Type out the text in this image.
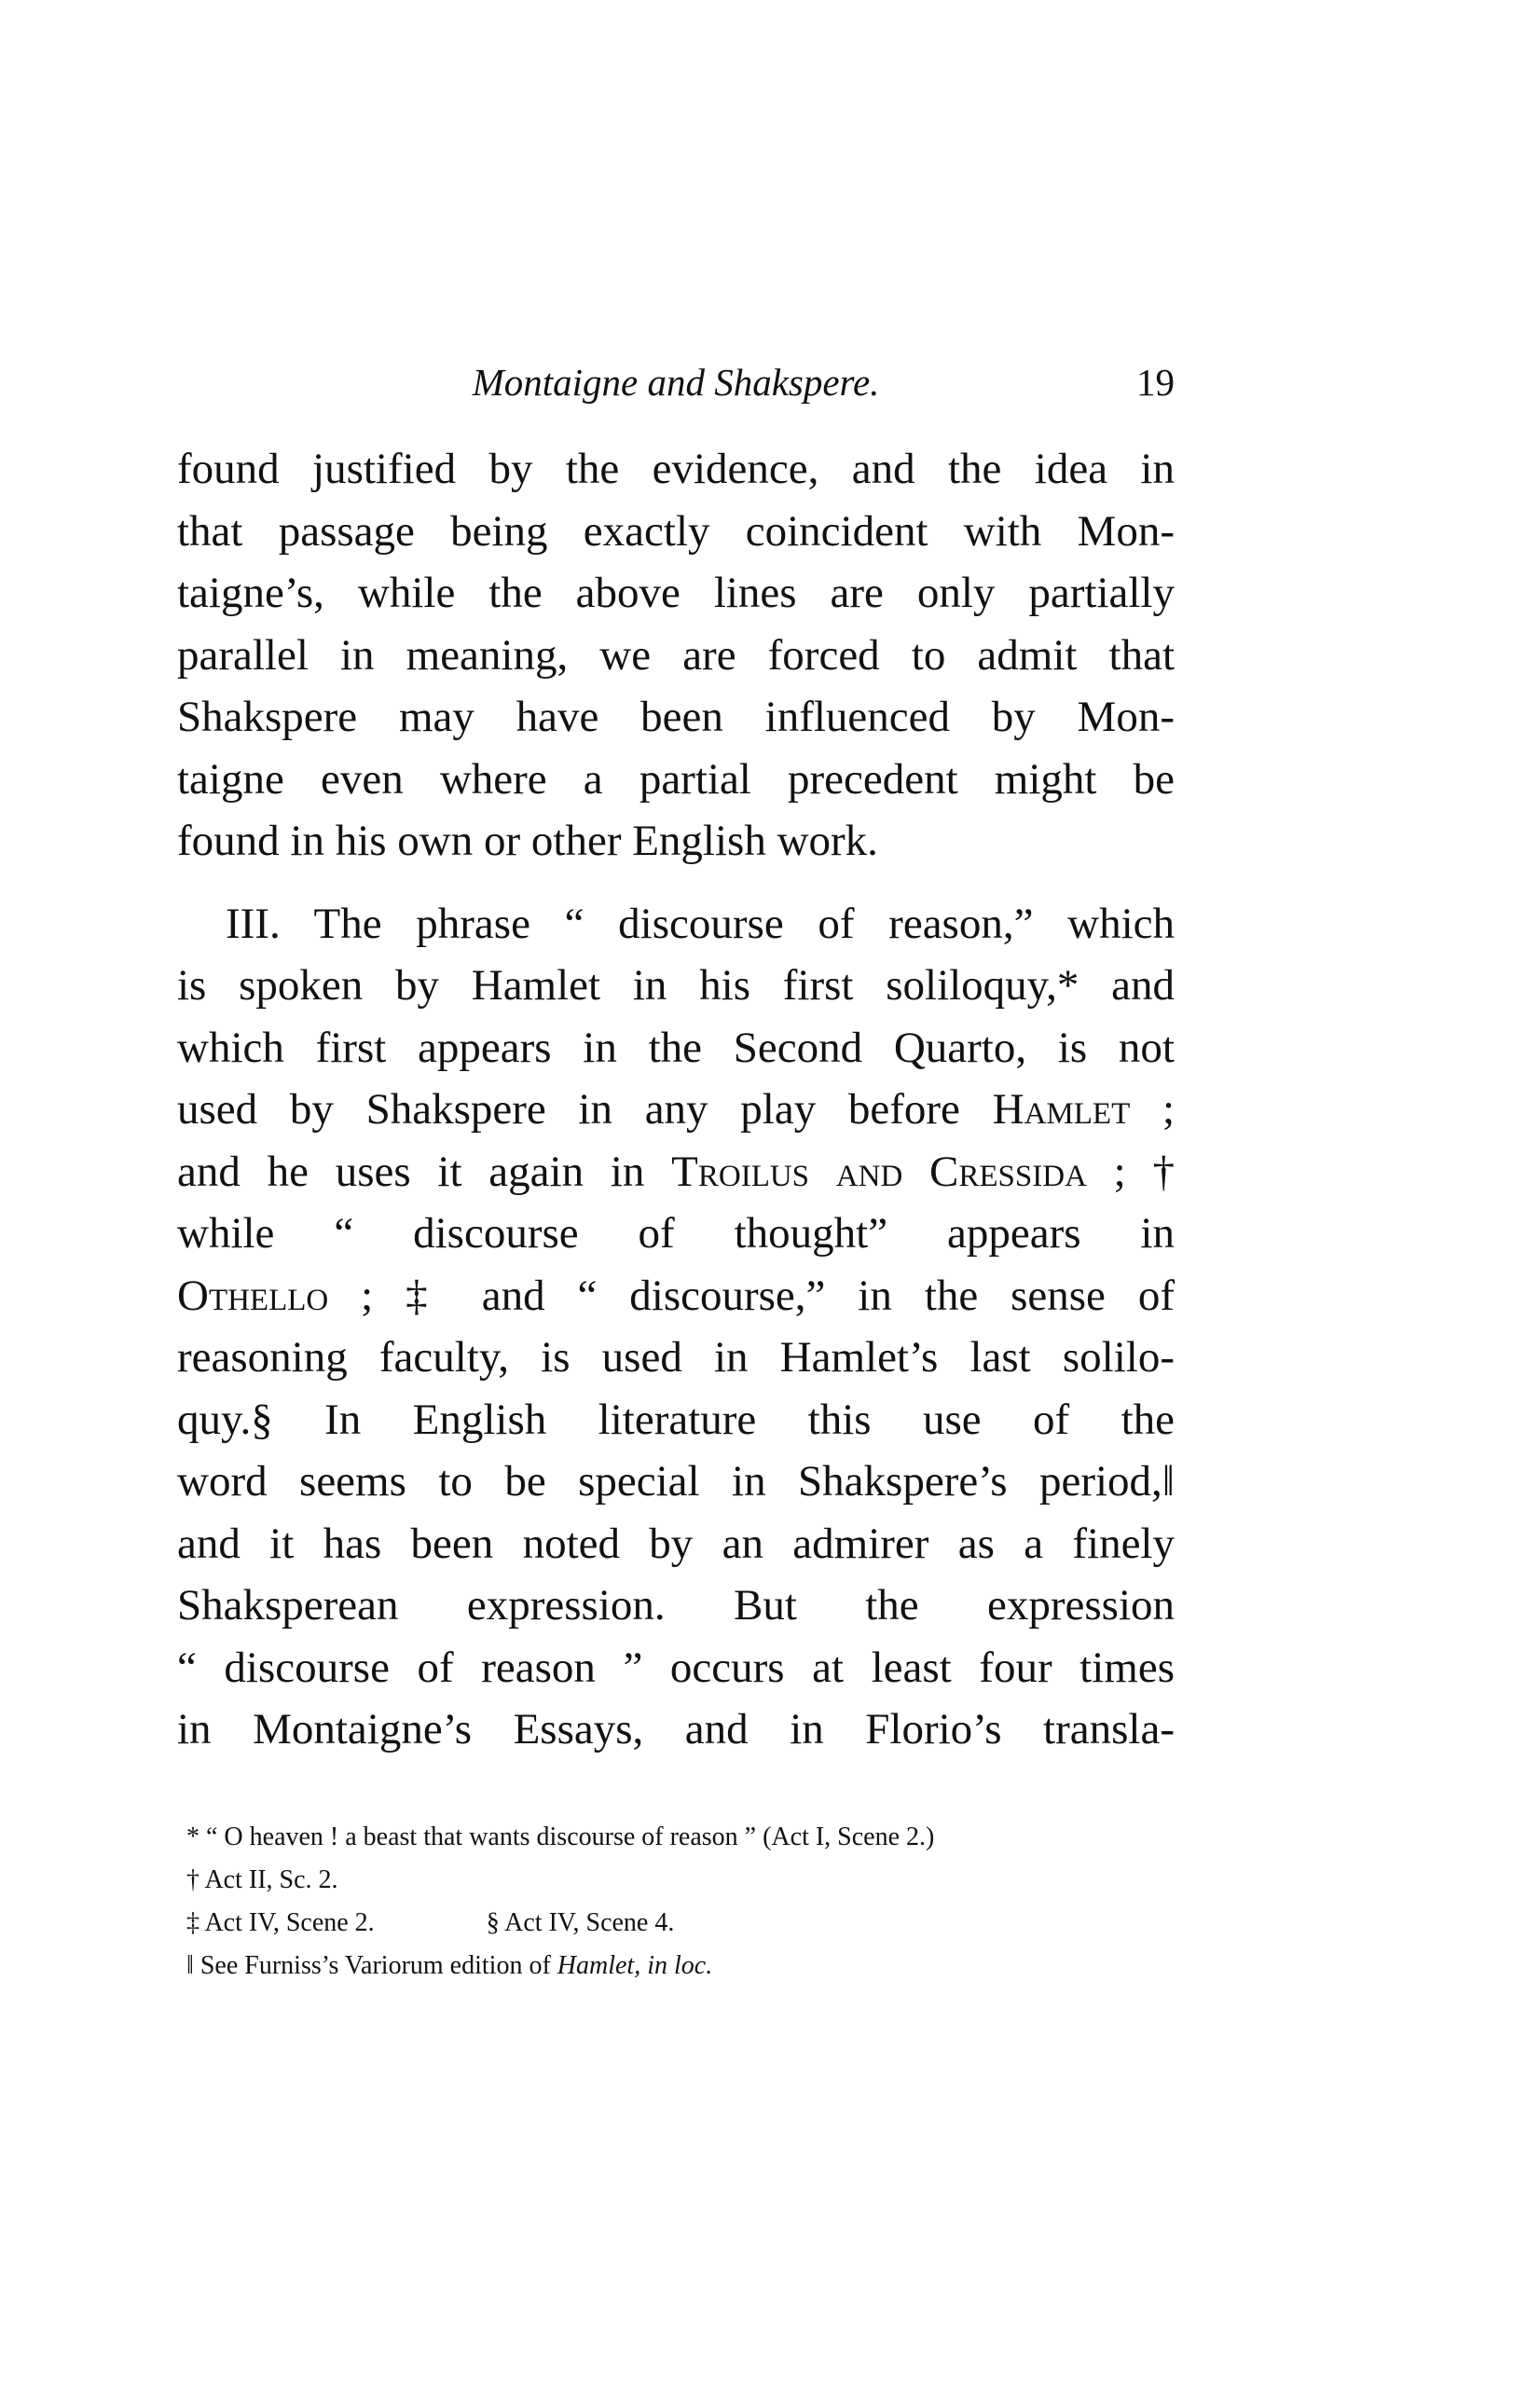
Montaigne and Shakspere.	19
found justified by the evidence, and the idea in
that passage being exactly coincident with Mon-
taigne’s, while the above lines are only partially
parallel in meaning, we are forced to admit that
Shakspere may have been influenced by Mon-
taigne even where a partial precedent might be
found in his own or other English work.
III. The phrase “ discourse of reason,” which
is spoken by Hamlet in his first soliloquy,* and
which first appears in the Second Quarto, is not
used by Shakspere in any play before Hamlet ;
and he uses it again in Troilus and Cressida ; †
while “ discourse of thought” appears in
Othello ; ‡ and “ discourse,” in the sense of
reasoning faculty, is used in Hamlet’s last solilo-
quy.§ In English literature this use of the
word seems to be special in Shakspere’s period,‖
and it has been noted by an admirer as a finely
Shaksperean expression. But the expression
“ discourse of reason ” occurs at least four times
in Montaigne’s Essays, and in Florio’s transla-
* “ O heaven ! a beast that wants discourse of reason ” (Act I, Scene 2.)
† Act II, Sc. 2.
‡ Act IV, Scene 2.	§ Act IV, Scene 4.
‖ See Furniss’s Variorum edition of Hamlet, in loc.
